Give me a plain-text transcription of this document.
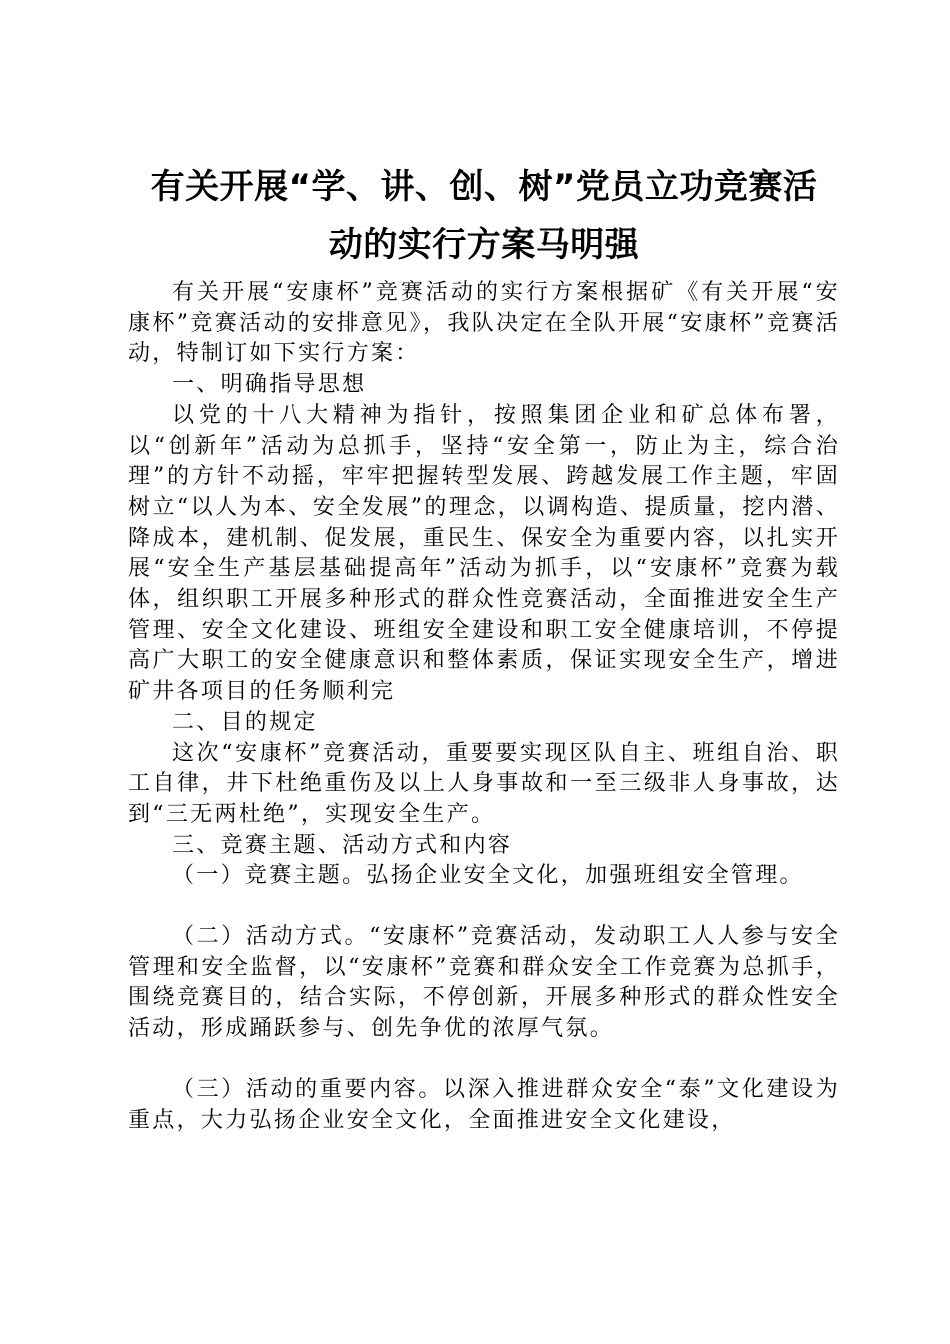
有关开展“学、讲、创、树”党员立功竞赛活
动的实行方案马明强

有关开展“安康杯”竞赛活动的实行方案根据矿《有关开展“安康杯”竞赛活动的安排意见》，我队决定在全队开展“安康杯”竞赛活动，特制订如下实行方案：

一、明确指导思想

以党的十八大精神为指针，按照集团企业和矿总体布署，以“创新年”活动为总抓手，坚持“安全第一，防止为主，综合治理”的方针不动摇，牢牢把握转型发展、跨越发展工作主题，牢固树立“以人为本、安全发展”的理念，以调构造、提质量，挖内潜、降成本，建机制、促发展，重民生、保安全为重要内容，以扎实开展“安全生产基层基础提高年”活动为抓手，以“安康杯”竞赛为载体，组织职工开展多种形式的群众性竞赛活动，全面推进安全生产管理、安全文化建设、班组安全建设和职工安全健康培训，不停提高广大职工的安全健康意识和整体素质，保证实现安全生产，增进矿井各项目的任务顺利完

二、目的规定

这次“安康杯”竞赛活动，重要要实现区队自主、班组自治、职工自律，井下杜绝重伤及以上人身事故和一至三级非人身事故，达到“三无两杜绝”，实现安全生产。

三、竞赛主题、活动方式和内容

（一）竞赛主题。弘扬企业安全文化，加强班组安全管理。

（二）活动方式。“安康杯”竞赛活动，发动职工人人参与安全管理和安全监督，以“安康杯”竞赛和群众安全工作竞赛为总抓手，围绕竞赛目的，结合实际，不停创新，开展多种形式的群众性安全活动，形成踊跃参与、创先争优的浓厚气氛。

（三）活动的重要内容。以深入推进群众安全“泰”文化建设为重点，大力弘扬企业安全文化，全面推进安全文化建设，
